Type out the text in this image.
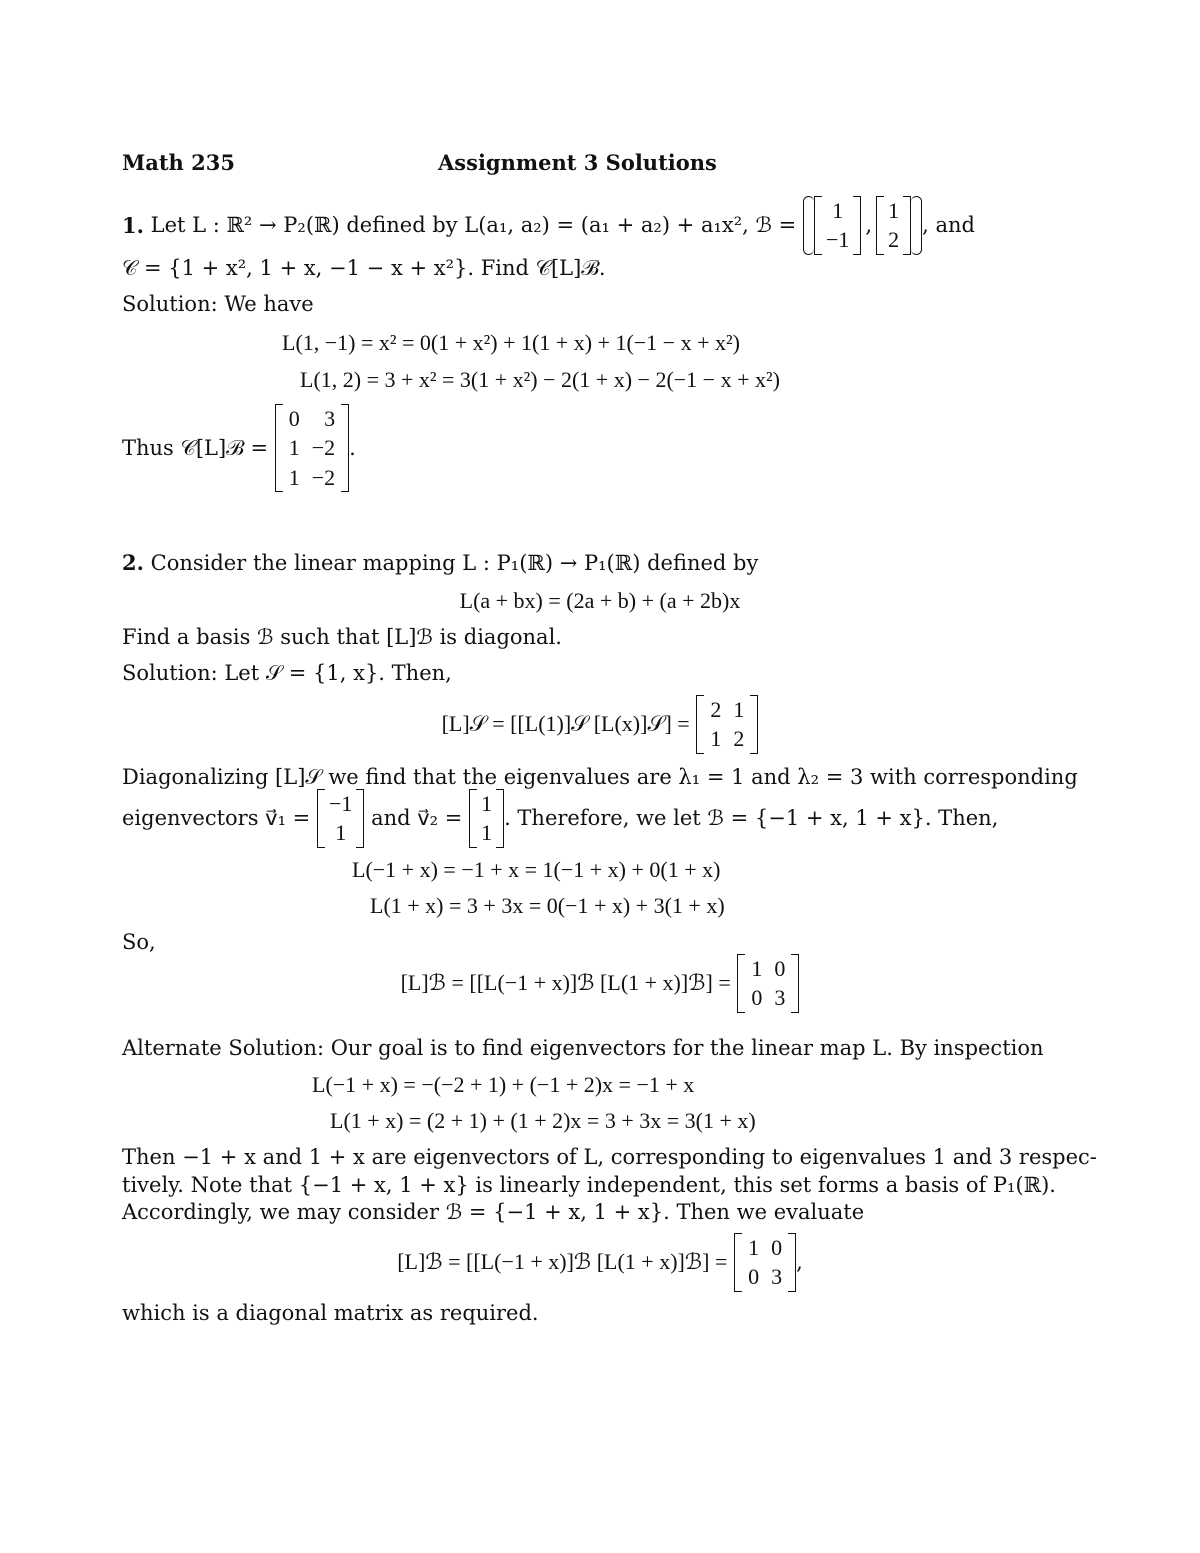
Math 235	Assignment 3 Solutions
1.
Let L : ℝ² → P₂(ℝ) defined by L(a₁, a₂) = (a₁ + a₂) + a₁x², ℬ =

1
−1
,
1
2
, and
𝒞 = {1 + x², 1 + x, −1 − x + x²}. Find 𝒞[L]ℬ.
Solution: We have
L(1, −1) = x² = 0(1 + x²) + 1(1 + x) + 1(−1 − x + x²)
L(1, 2) = 3 + x² = 3(1 + x²) − 2(1 + x) − 2(−1 − x + x²)
Thus 𝒞[L]ℬ =

0	3
1	−2
1	−2
.
2. Consider the linear mapping L : P₁(ℝ) → P₁(ℝ) defined by
L(a + bx) = (2a + b) + (a + 2b)x
Find a basis ℬ such that [L]ℬ is diagonal.
Solution: Let 𝒮 = {1, x}. Then,
[L]𝒮 = [[L(1)]𝒮 [L(x)]𝒮] =

2	1
1	2
Diagonalizing [L]𝒮 we find that the eigenvalues are λ₁ = 1 and λ₂ = 3 with corresponding
eigenvectors v⃗₁ =

−1
1

and v⃗₂ =

1
1
. Therefore, we let ℬ = {−1 + x, 1 + x}. Then,
L(−1 + x) = −1 + x = 1(−1 + x) + 0(1 + x)
L(1 + x) = 3 + 3x = 0(−1 + x) + 3(1 + x)
So,
[L]ℬ = [[L(−1 + x)]ℬ [L(1 + x)]ℬ] =

1	0
0	3
Alternate Solution: Our goal is to find eigenvectors for the linear map L. By inspection
L(−1 + x) = −(−2 + 1) + (−1 + 2)x = −1 + x
L(1 + x) = (2 + 1) + (1 + 2)x = 3 + 3x = 3(1 + x)
Then −1 + x and 1 + x are eigenvectors of L, corresponding to eigenvalues 1 and 3 respec-
tively. Note that {−1 + x, 1 + x} is linearly independent, this set forms a basis of P₁(ℝ).
Accordingly, we may consider ℬ = {−1 + x, 1 + x}. Then we evaluate
[L]ℬ = [[L(−1 + x)]ℬ [L(1 + x)]ℬ] =

1	0
0	3
,
which is a diagonal matrix as required.
